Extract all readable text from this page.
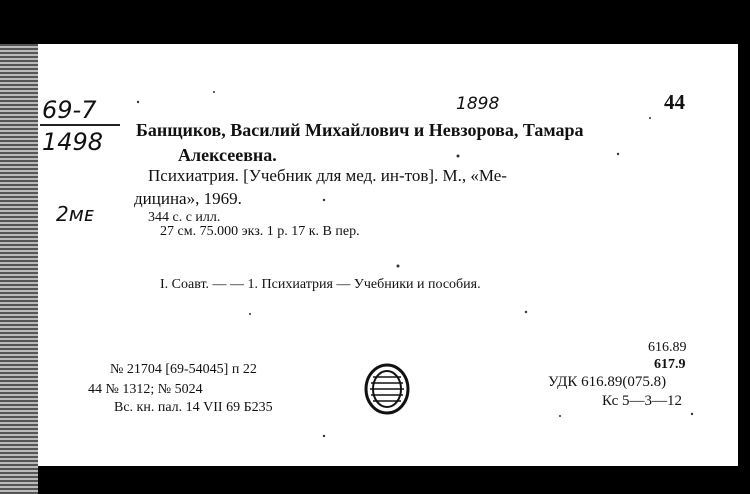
69-7
1498
2ᴍᴇ
1898	44
Банщиков, Василий Михайлович и Невзорова, Тамара
Алексеевна.
Психиатрия. [Учебник для мед. ин-тов]. М., «Ме-
дицина», 1969.
344 с. с илл.
27 см. 75.000 экз. 1 р. 17 к. В пер.
I. Соавт. — — 1. Психиатрия — Учебники и пособия.
616.89
617.9
УДК 616.89(075.8)
Кс 5—3—12
№ 21704 [69-54045] п 22
44 № 1312; № 5024
Вс. кн. пал. 14 VII 69 Б235
